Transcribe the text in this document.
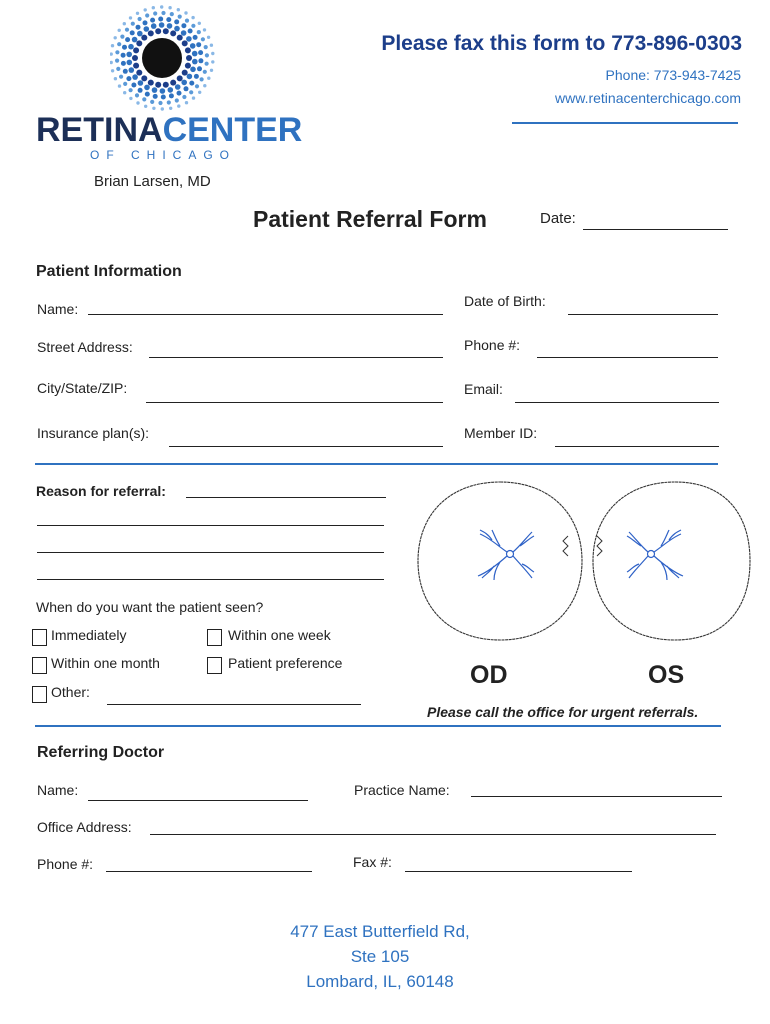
RETINACENTER
OF CHICAGO
Brian Larsen, MD
Please fax this form to 773-896-0303
Phone: 773-943-7425
www.retinacenterchicago.com
Patient Referral Form	Date:
Patient Information
Name:	Date of Birth:
Street Address:	Phone #:
City/State/ZIP:	Email:
Insurance plan(s):	Member ID:
Reason for referral:
When do you want the patient seen?
Immediately	Within one week
Within one month	Patient preference
Other:
OD	OS
Please call the office for urgent referrals.
Referring Doctor
Name:	Practice Name:
Office Address:
Phone #:	Fax #:
477 East Butterfield Rd,
Ste 105
Lombard, IL, 60148
